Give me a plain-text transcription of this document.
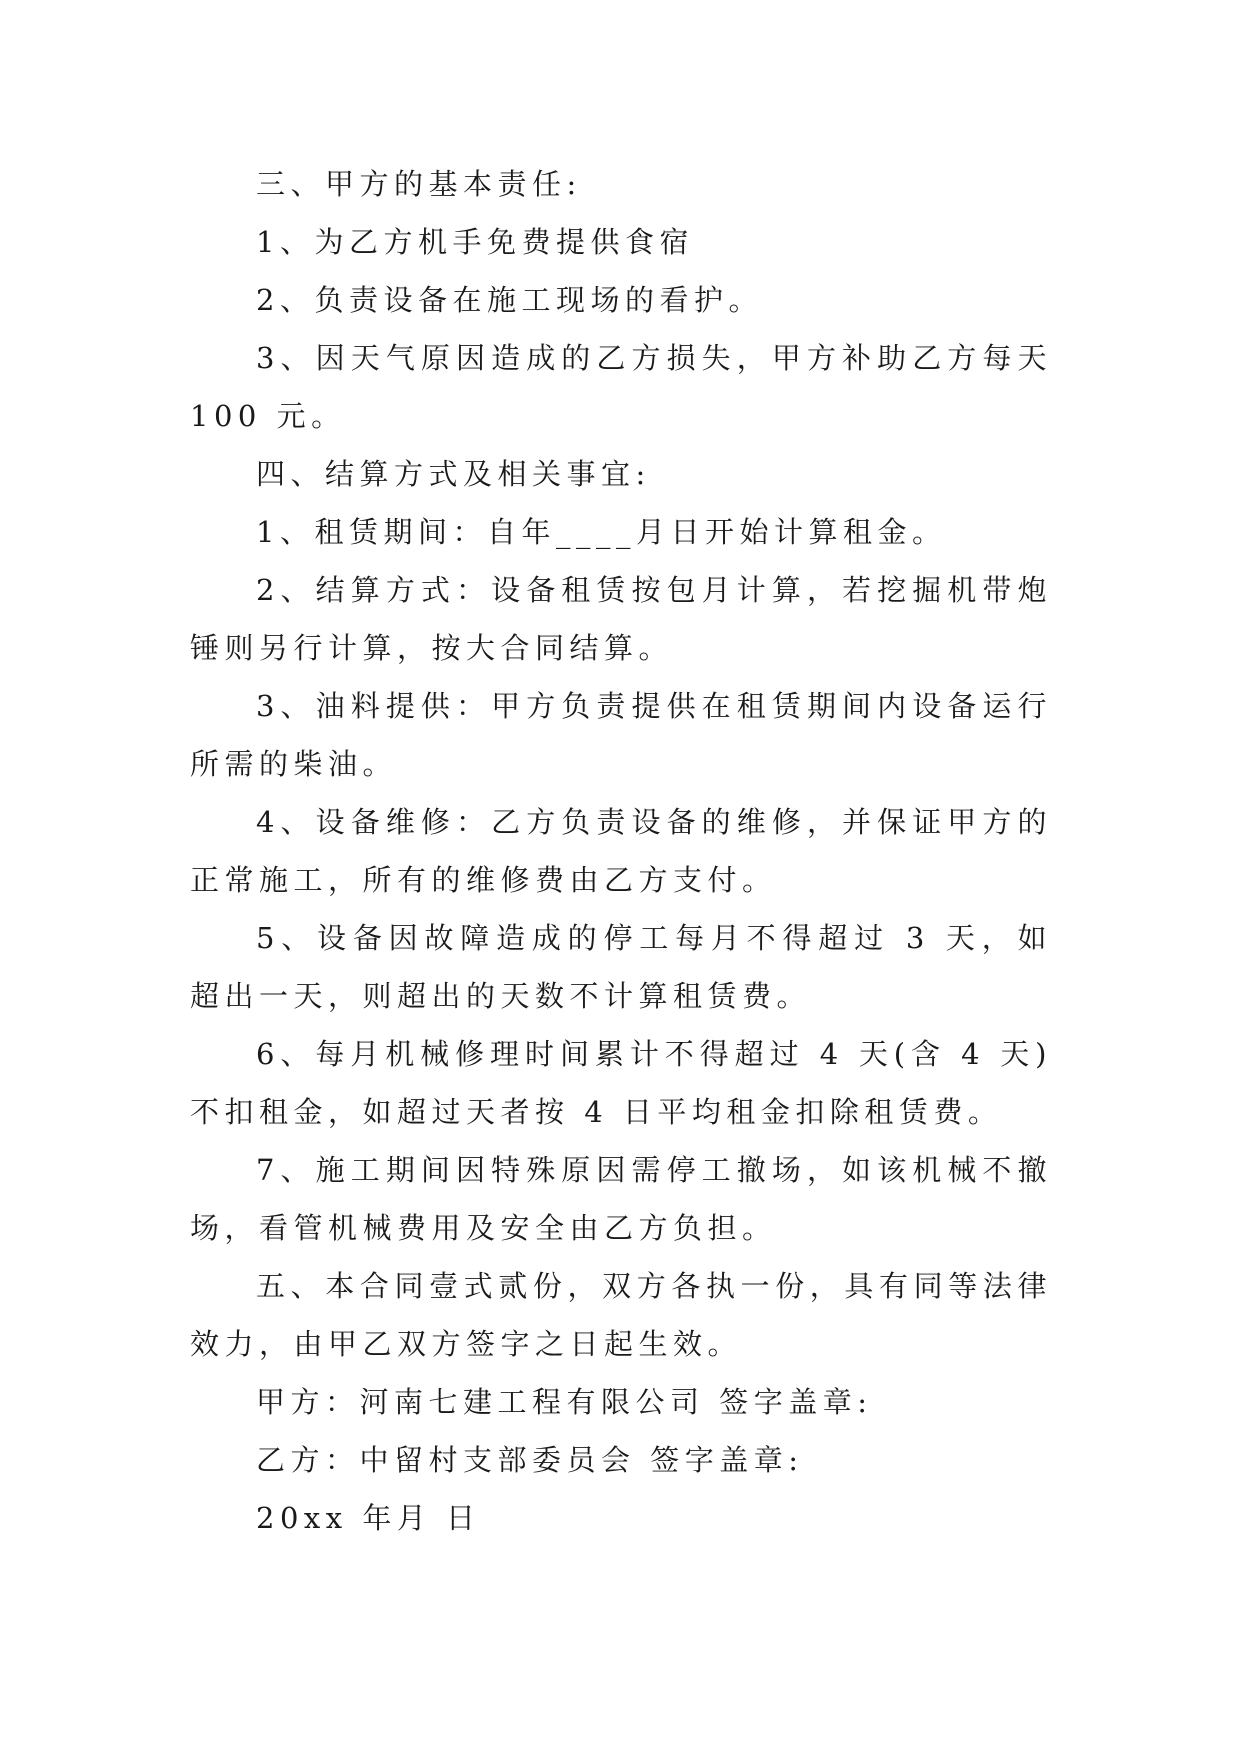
三、甲方的基本责任:

1、为乙方机手免费提供食宿

2、负责设备在施工现场的看护。

3、因天气原因造成的乙方损失，甲方补助乙方每天 100 元。

四、结算方式及相关事宜:

1、租赁期间：自年____月日开始计算租金。

2、结算方式：设备租赁按包月计算，若挖掘机带炮锤则另行计算，按大合同结算。

3、油料提供：甲方负责提供在租赁期间内设备运行所需的柴油。

4、设备维修：乙方负责设备的维修，并保证甲方的正常施工，所有的维修费由乙方支付。

5、设备因故障造成的停工每月不得超过 3 天，如超出一天，则超出的天数不计算租赁费。

6、每月机械修理时间累计不得超过 4 天(含 4 天)不扣租金，如超过天者按 4 日平均租金扣除租赁费。

7、施工期间因特殊原因需停工撤场，如该机械不撤场，看管机械费用及安全由乙方负担。

五、本合同壹式贰份，双方各执一份，具有同等法律效力，由甲乙双方签字之日起生效。

甲方：河南七建工程有限公司 签字盖章:

乙方：中留村支部委员会 签字盖章:

20xx 年月 日
